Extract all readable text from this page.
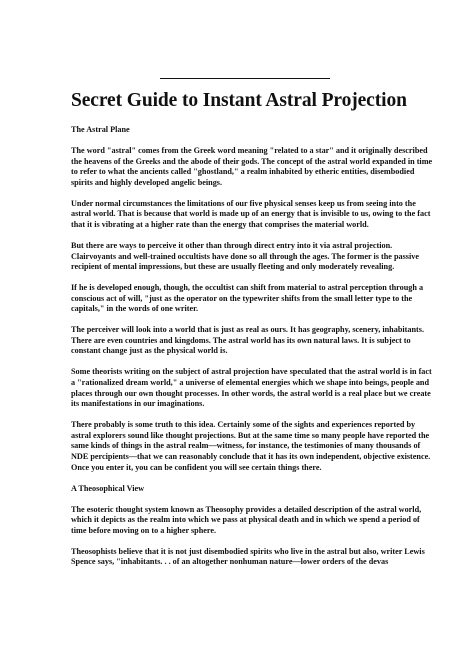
Secret Guide to Instant Astral Projection
The Astral Plane

The word "astral" comes from the Greek word meaning "related to a star" and it originally described the heavens of the Greeks and the abode of their gods. The concept of the astral world expanded in time to refer to what the ancients called "ghostland," a realm inhabited by etheric entities, disembodied spirits and highly developed angelic beings.

Under normal circumstances the limitations of our five physical senses keep us from seeing into the astral world. That is because that world is made up of an energy that is invisible to us, owing to the fact that it is vibrating at a higher rate than the energy that comprises the material world.

But there are ways to perceive it other than through direct entry into it via astral projection. Clairvoyants and well-trained occultists have done so all through the ages. The former is the passive recipient of mental impressions, but these are usually fleeting and only moderately revealing.

If he is developed enough, though, the occultist can shift from material to astral perception through a conscious act of will, "just as the operator on the typewriter shifts from the small letter type to the capitals," in the words of one writer.

The perceiver will look into a world that is just as real as ours. It has geography, scenery, inhabitants. There are even countries and kingdoms. The astral world has its own natural laws. It is subject to constant change just as the physical world is.

Some theorists writing on the subject of astral projection have speculated that the astral world is in fact a "rationalized dream world," a universe of elemental energies which we shape into beings, people and places through our own thought processes. In other words, the astral world is a real place but we create its manifestations in our imaginations.

There probably is some truth to this idea. Certainly some of the sights and experiences reported by astral explorers sound like thought projections. But at the same time so many people have reported the same kinds of things in the astral realm—witness, for instance, the testimonies of many thousands of NDE percipients—that we can reasonably conclude that it has its own independent, objective existence. Once you enter it, you can be confident you will see certain things there.

A Theosophical View

The esoteric thought system known as Theosophy provides a detailed description of the astral world, which it depicts as the realm into which we pass at physical death and in which we spend a period of time before moving on to a higher sphere.

Theosophists believe that it is not just disembodied spirits who live in the astral but also, writer Lewis Spence says, "inhabitants. . . of an altogether nonhuman nature—lower orders of the devas
